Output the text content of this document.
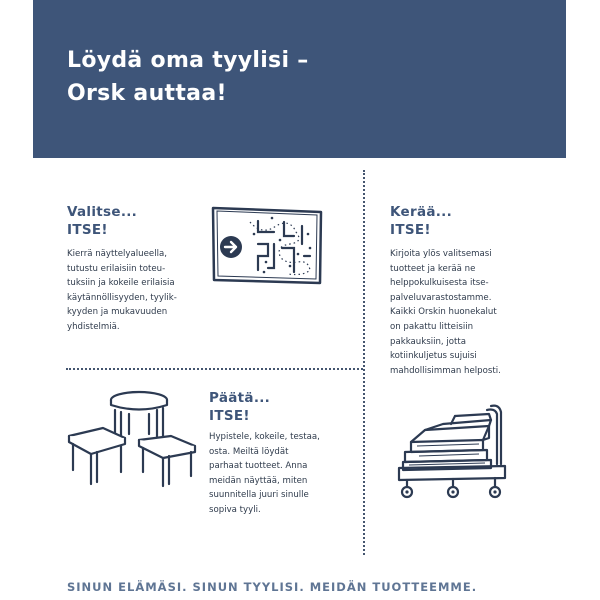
Löydä oma tyylisi –
Orsk auttaa!

Valitse...
ITSE!

Kierrä näyttelyalueella,
tutustu erilaisiin toteu-
tuksiin ja kokeile erilaisia
käytännöllisyyden, tyylik-
kyyden ja mukavuuden
yhdistelmiä.

Kerää...
ITSE!

Kirjoita ylös valitsemasi
tuotteet ja kerää ne
helppokulkuisesta itse-
palveluvarastostamme.
Kaikki Orskin huonekalut
on pakattu litteisiin
pakkauksiin, jotta
kotiinkuljetus sujuisi
mahdollisimman helposti.

Päätä...
ITSE!

Hypistele, kokeile, testaa,
osta. Meiltä löydät
parhaat tuotteet. Anna
meidän näyttää, miten
suunnitella juuri sinulle
sopiva tyyli.

SINUN ELÄMÄSI. SINUN TYYLISI. MEIDÄN TUOTTEEMME.
